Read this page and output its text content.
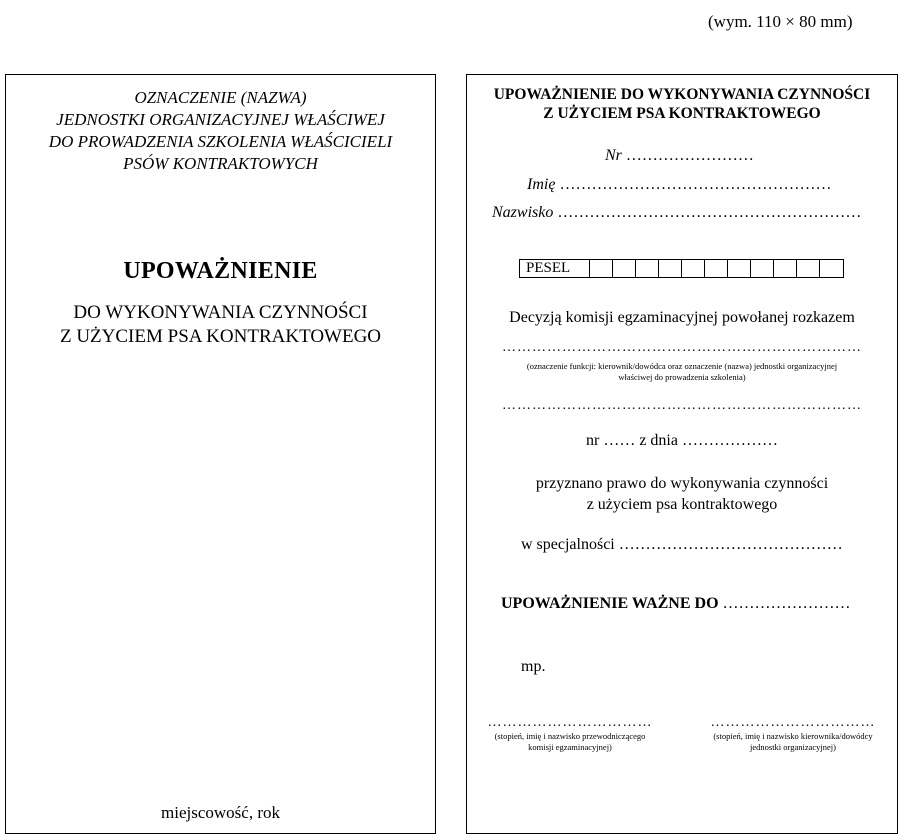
(wym. 110 × 80 mm)
OZNACZENIE (NAZWA)
JEDNOSTKI ORGANIZACYJNEJ WŁAŚCIWEJ
DO PROWADZENIA SZKOLENIA WŁAŚCICIELI
PSÓW KONTRAKTOWYCH
UPOWAŻNIENIE
DO WYKONYWANIA CZYNNOŚCI
Z UŻYCIEM PSA KONTRAKTOWEGO
miejscowość, rok
UPOWAŻNIENIE DO WYKONYWANIA CZYNNOŚCI
Z UŻYCIEM PSA KONTRAKTOWEGO
Nr ……………………
Imię ……………………………………………
Nazwisko …………………………………………………
PESEL
Decyzją komisji egzaminacyjnej powołanej rozkazem
………………………………………………………………
(oznaczenie funkcji: kierownik/dowódca oraz oznaczenie (nazwa) jednostki organizacyjnej
właściwej do prowadzenia szkolenia)
………………………………………………………………
nr …… z dnia ………………
przyznano prawo do wykonywania czynności
z użyciem psa kontraktowego
w specjalności ……………………………………
UPOWAŻNIENIE WAŻNE DO ……………………
mp.
……………………………
(stopień, imię i nazwisko przewodniczącego
komisji egzaminacyjnej)
……………………………
(stopień, imię i nazwisko kierownika/dowódcy
jednostki organizacyjnej)
